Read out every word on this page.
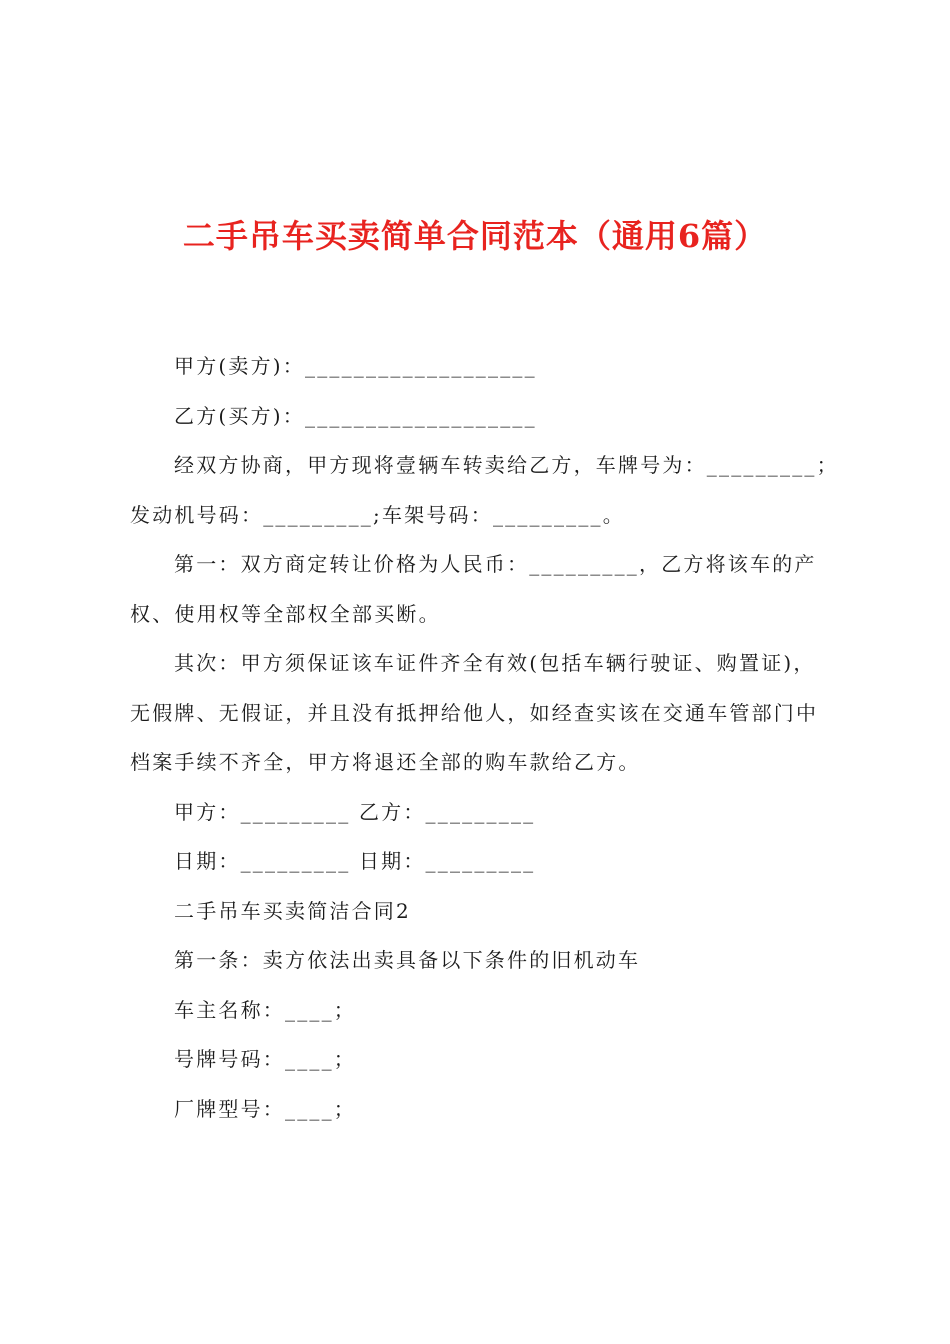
二手吊车买卖简单合同范本（通用6篇）

甲方(卖方)：___________________

乙方(买方)：___________________

经双方协商，甲方现将壹辆车转卖给乙方，车牌号为：_________；

发动机号码：_________;车架号码：_________。

第一：双方商定转让价格为人民币：_________，乙方将该车的产

权、使用权等全部权全部买断。

其次：甲方须保证该车证件齐全有效(包括车辆行驶证、购置证)，

无假牌、无假证，并且没有抵押给他人，如经查实该在交通车管部门中

档案手续不齐全，甲方将退还全部的购车款给乙方。

甲方：_________ 乙方：_________

日期：_________ 日期：_________

二手吊车买卖简洁合同2

第一条：卖方依法出卖具备以下条件的旧机动车

车主名称：____；

号牌号码：____；

厂牌型号：____；
